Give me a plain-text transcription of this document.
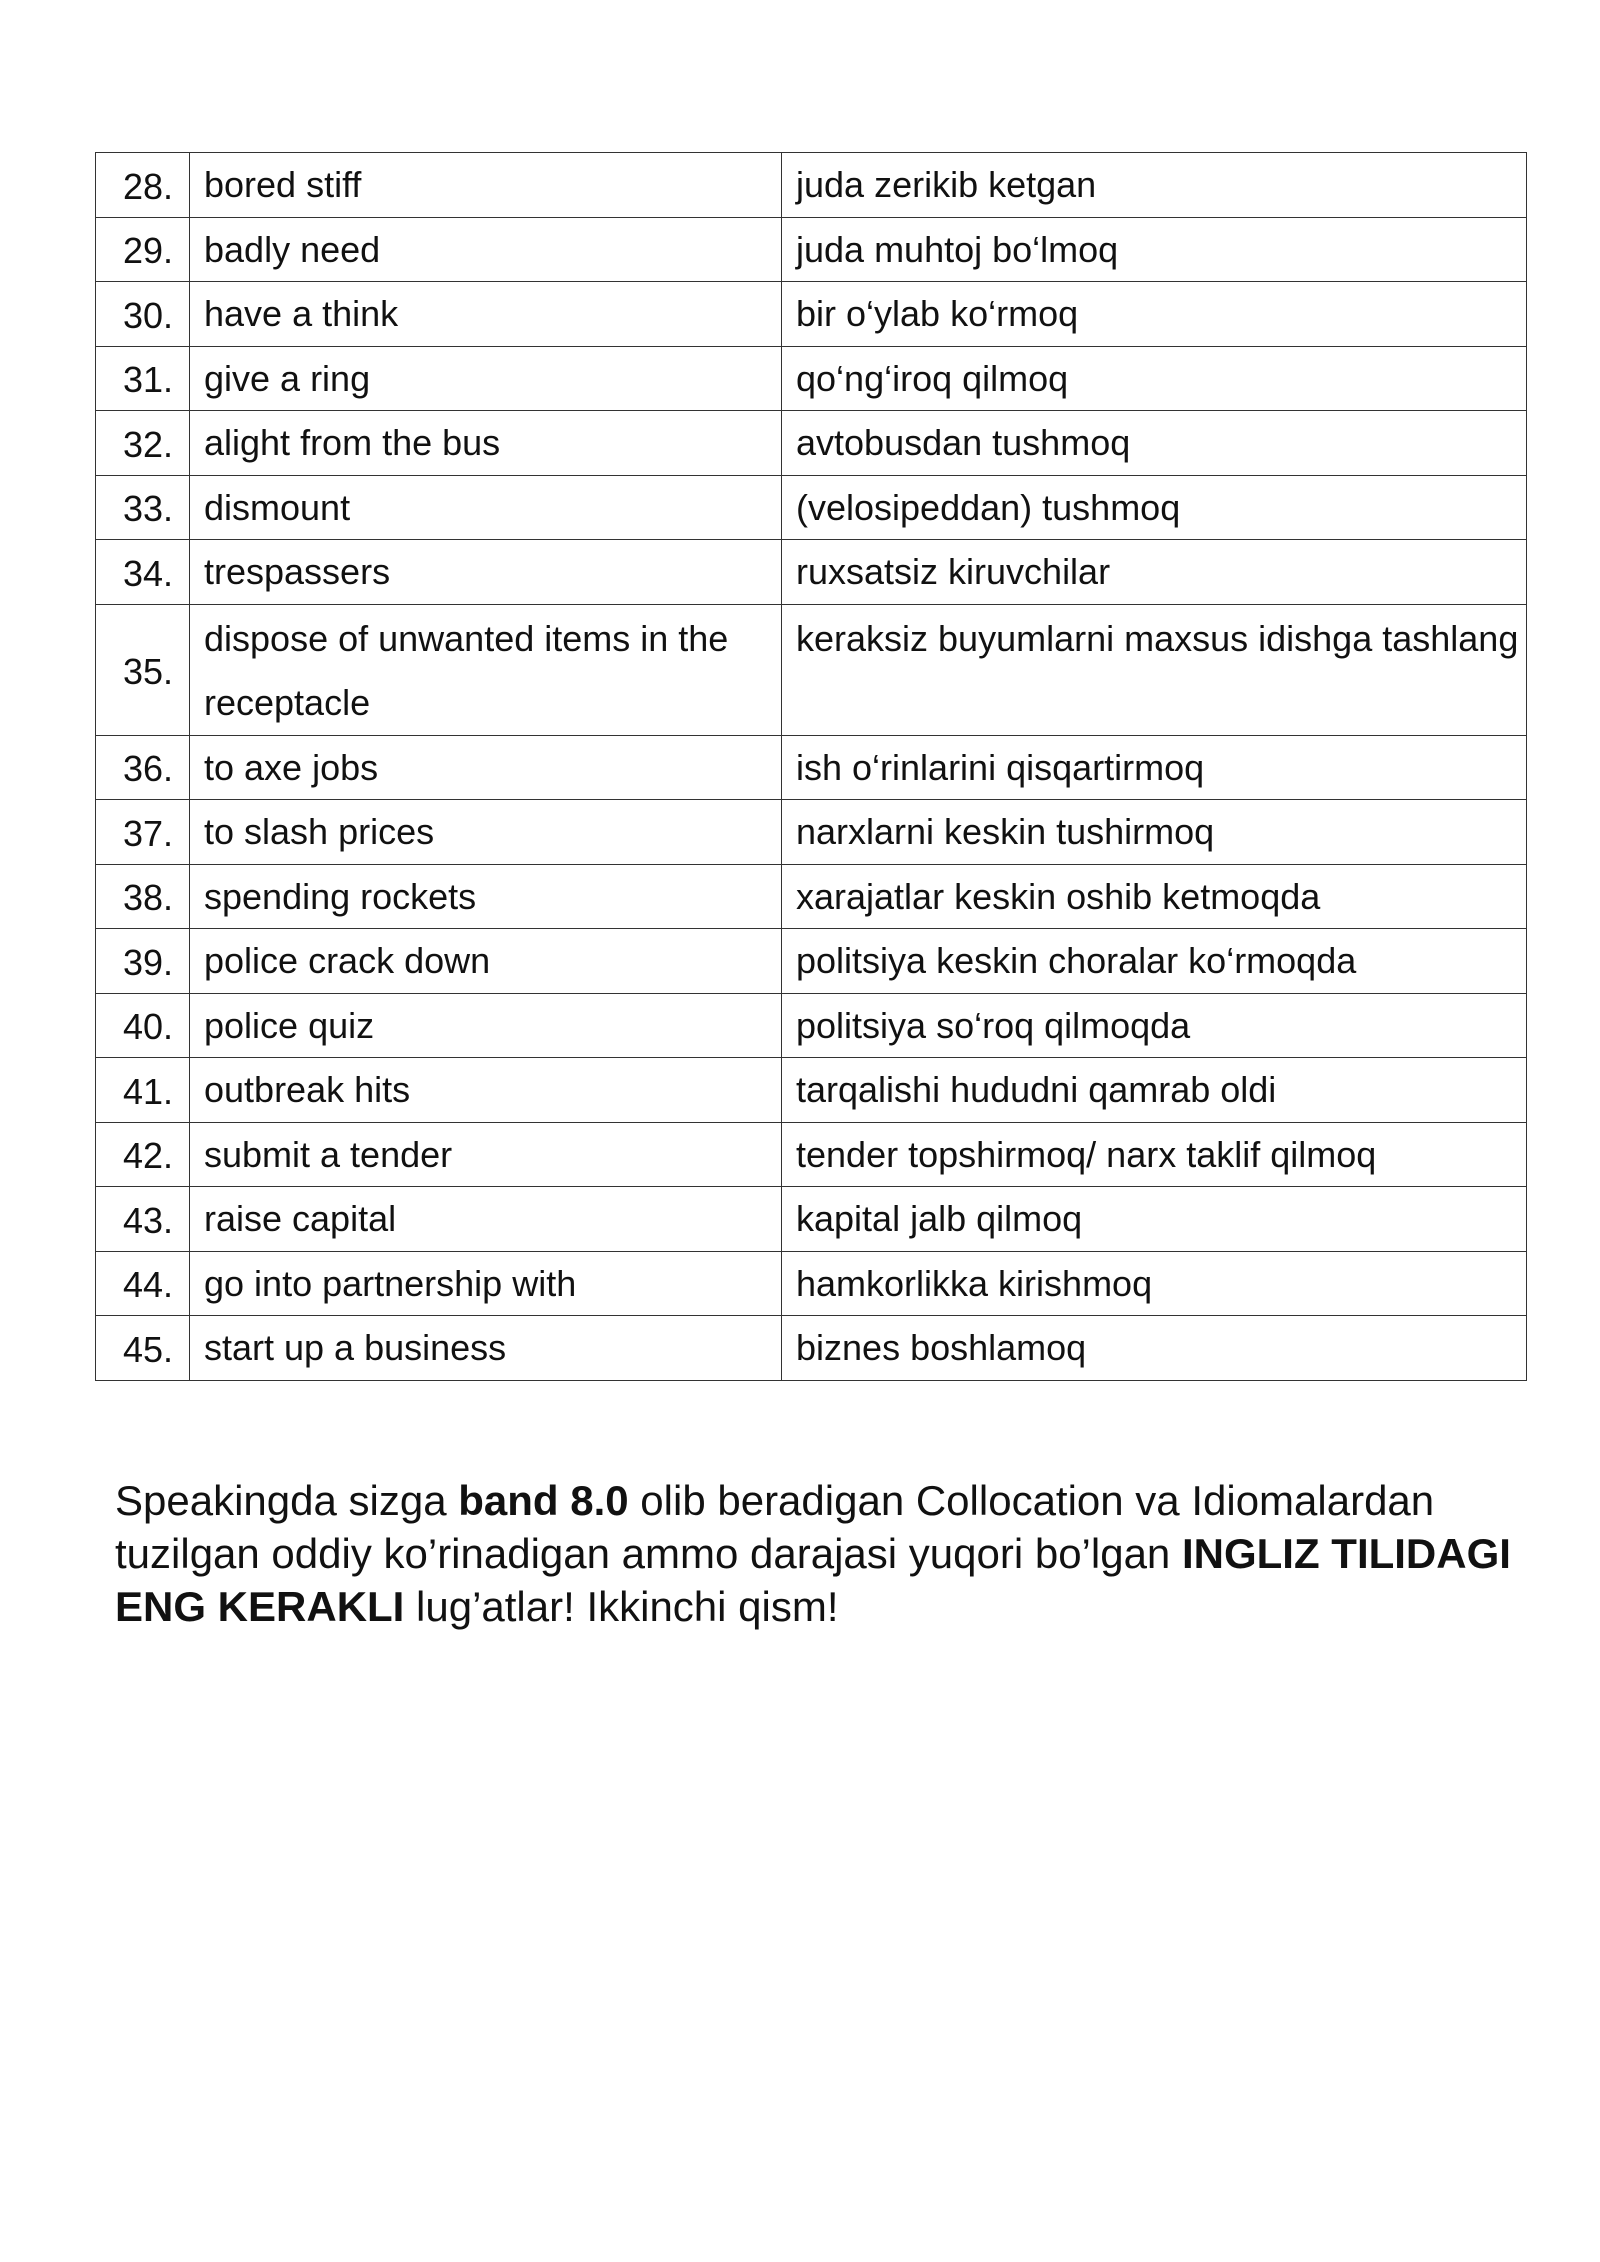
28.	bored stiff	juda zerikib ketgan
29.	badly need	juda muhtoj bo‘lmoq
30.	have a think	bir o‘ylab ko‘rmoq
31.	give a ring	qo‘ng‘iroq qilmoq
32.	alight from the bus	avtobusdan tushmoq
33.	dismount	(velosipeddan) tushmoq
34.	trespassers	ruxsatsiz kiruvchilar
35.	dispose of unwanted items in the receptacle	keraksiz buyumlarni maxsus idishga tashlang
36.	to axe jobs	ish o‘rinlarini qisqartirmoq
37.	to slash prices	narxlarni keskin tushirmoq
38.	spending rockets	xarajatlar keskin oshib ketmoqda
39.	police crack down	politsiya keskin choralar ko‘rmoqda
40.	police quiz	politsiya so‘roq qilmoqda
41.	outbreak hits	tarqalishi hududni qamrab oldi
42.	submit a tender	tender topshirmoq/ narx taklif qilmoq
43.	raise capital	kapital jalb qilmoq
44.	go into partnership with	hamkorlikka kirishmoq
45.	start up a business	biznes boshlamoq

Speakingda sizga band 8.0 olib beradigan Collocation va Idiomalardan tuzilgan oddiy ko’rinadigan ammo darajasi yuqori bo’lgan INGLIZ TILIDAGI ENG KERAKLI lug’atlar! Ikkinchi qism!
